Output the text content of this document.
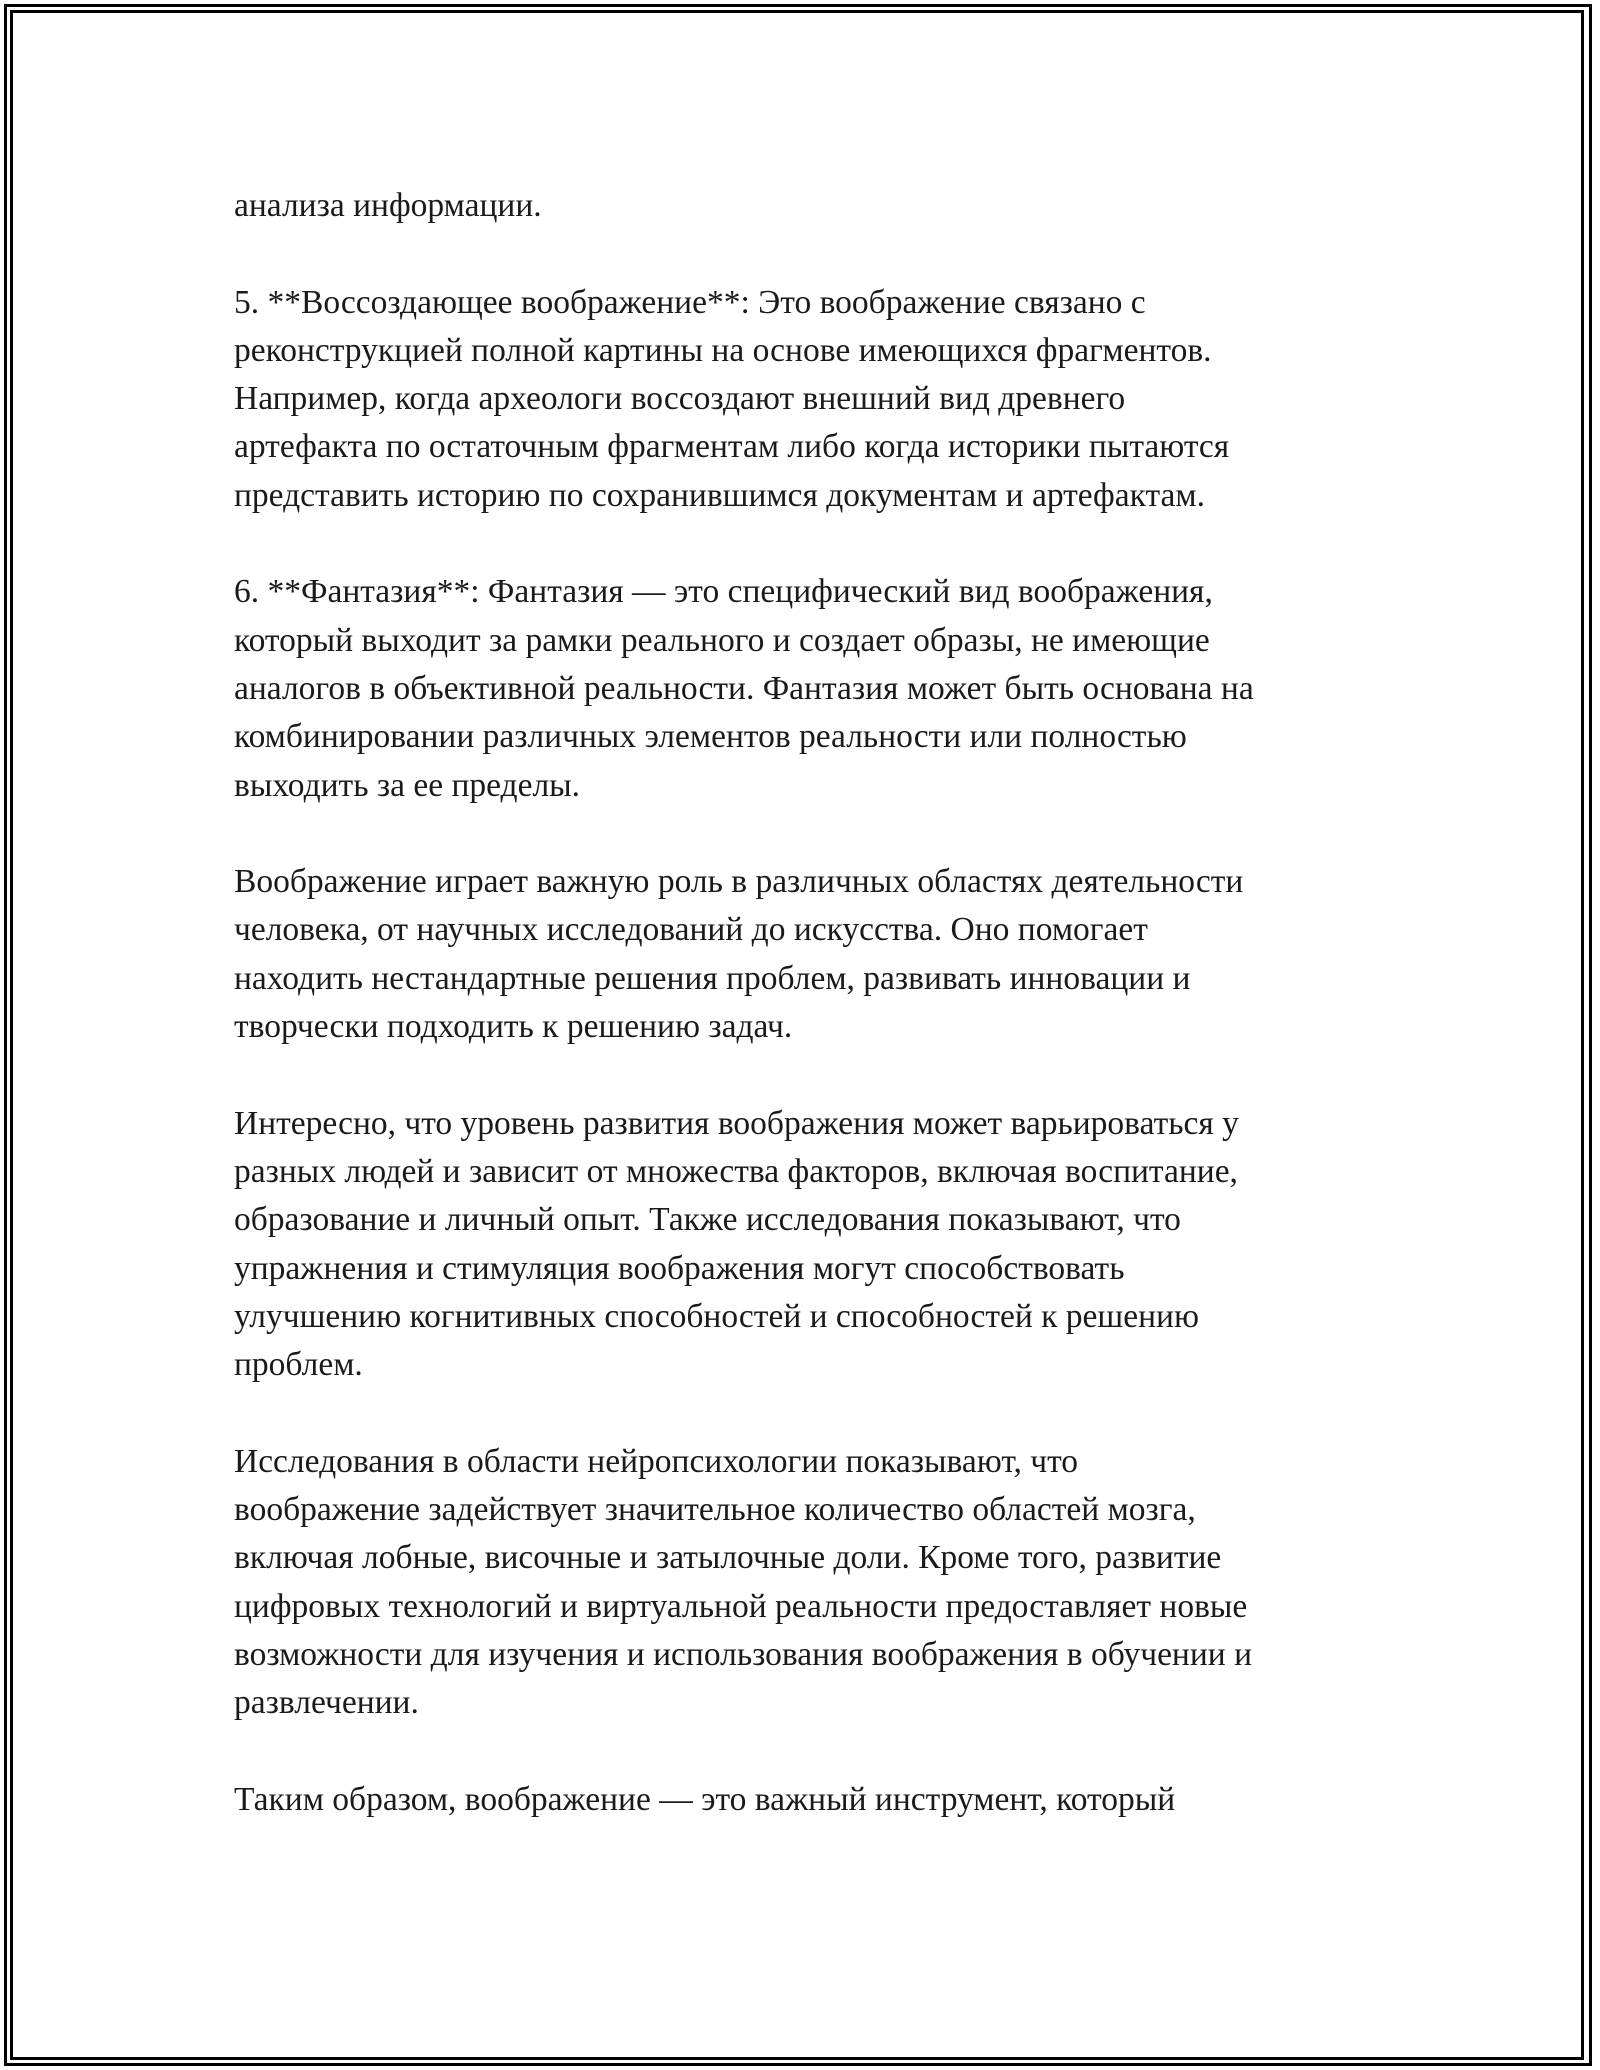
анализа информации.
5. **Воссоздающее воображение**: Это воображение связано с
реконструкцией полной картины на основе имеющихся фрагментов.
Например, когда археологи воссоздают внешний вид древнего
артефакта по остаточным фрагментам либо когда историки пытаются
представить историю по сохранившимся документам и артефактам.
6. **Фантазия**: Фантазия — это специфический вид воображения,
который выходит за рамки реального и создает образы, не имеющие
аналогов в объективной реальности. Фантазия может быть основана на
комбинировании различных элементов реальности или полностью
выходить за ее пределы.
Воображение играет важную роль в различных областях деятельности
человека, от научных исследований до искусства. Оно помогает
находить нестандартные решения проблем, развивать инновации и
творчески подходить к решению задач.
Интересно, что уровень развития воображения может варьироваться у
разных людей и зависит от множества факторов, включая воспитание,
образование и личный опыт. Также исследования показывают, что
упражнения и стимуляция воображения могут способствовать
улучшению когнитивных способностей и способностей к решению
проблем.
Исследования в области нейропсихологии показывают, что
воображение задействует значительное количество областей мозга,
включая лобные, височные и затылочные доли. Кроме того, развитие
цифровых технологий и виртуальной реальности предоставляет новые
возможности для изучения и использования воображения в обучении и
развлечении.
Таким образом, воображение — это важный инструмент, который
